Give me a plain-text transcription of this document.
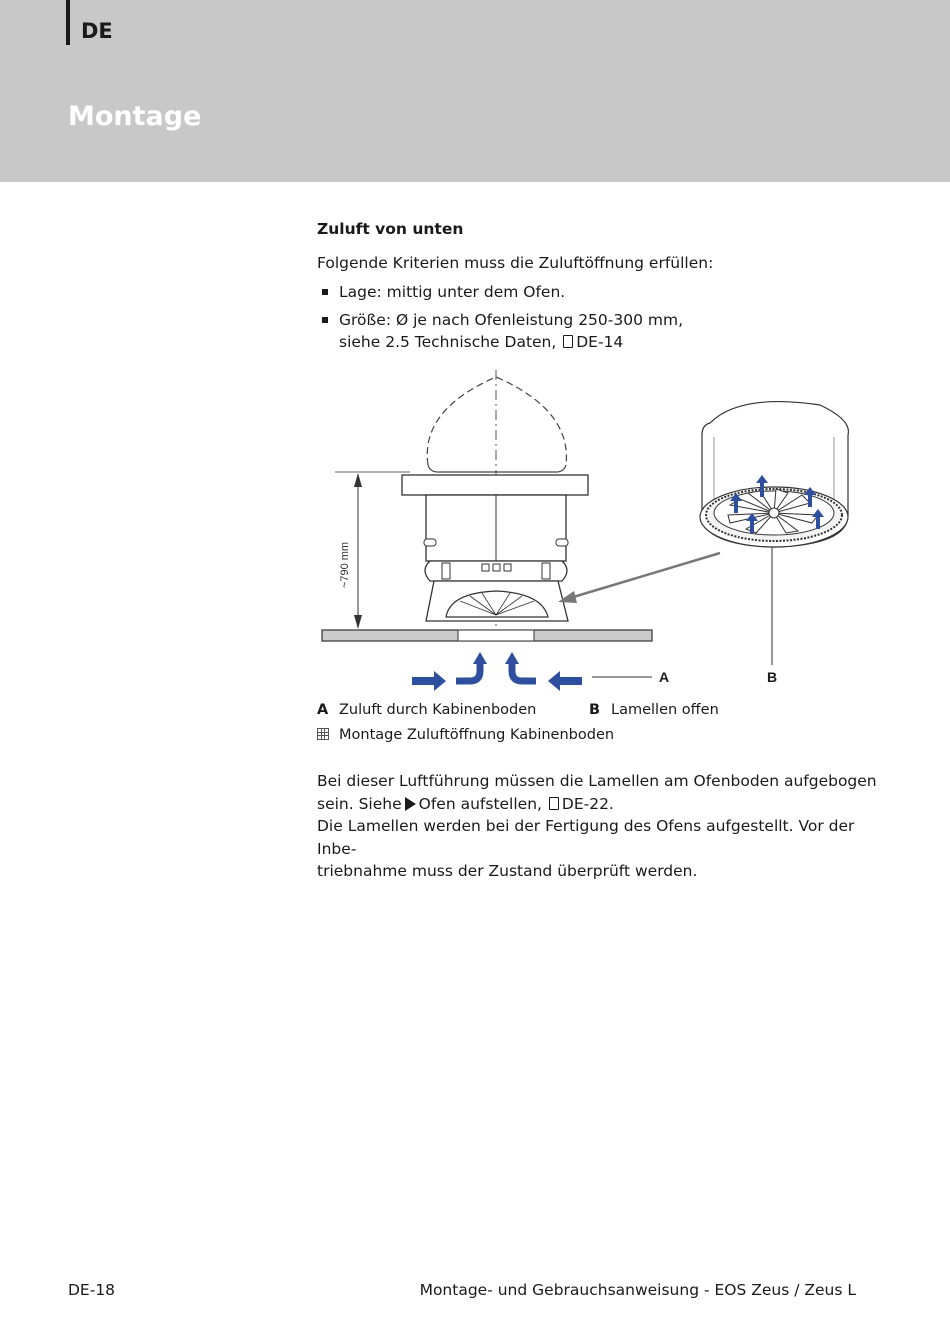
DE
Montage
Zuluft von unten
Folgende Kriterien muss die Zuluftöffnung erfüllen:
Lage: mittig unter dem Ofen.
Größe: Ø je nach Ofenleistung 250-300 mm,
siehe 2.5 Technische Daten, DE-14
~790 mm
A	B
A Zuluft durch Kabinenboden	B Lamellen offen
Montage Zuluftöffnung Kabinenboden

Bei dieser Luftführung müssen die Lamellen am Ofenboden aufgebogen

sein. Siehe Ofen aufstellen, DE-22.

Die Lamellen werden bei der Fertigung des Ofens aufgestellt. Vor der Inbe-

triebnahme muss der Zustand überprüft werden.

DE-18	Montage- und Gebrauchsanweisung - EOS Zeus / Zeus L
